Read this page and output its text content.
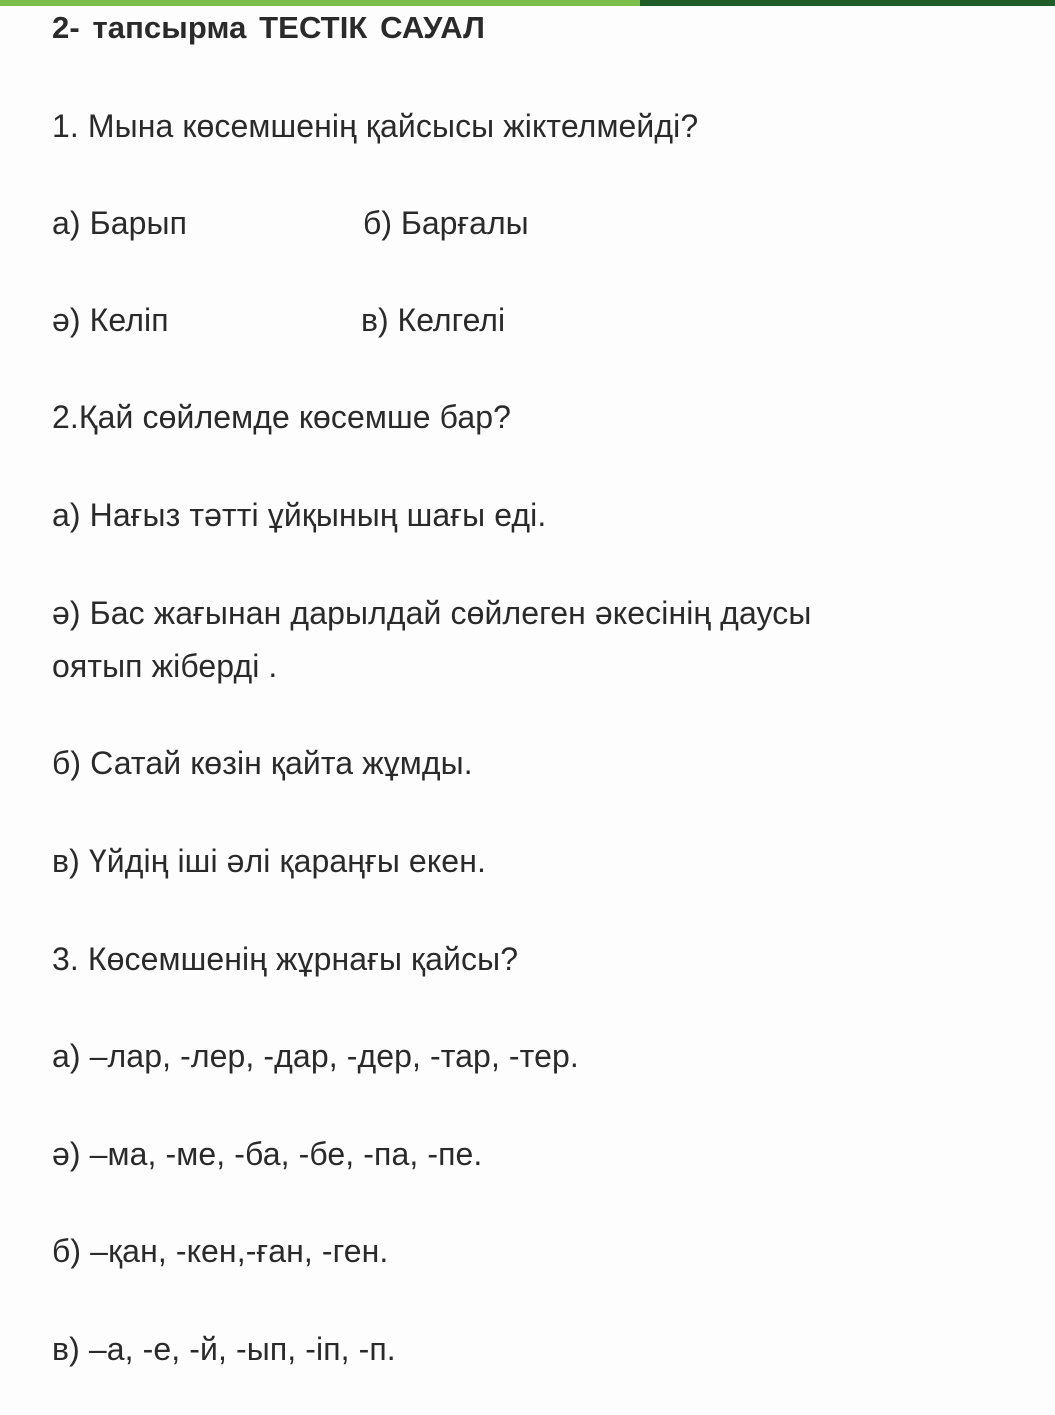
2- тапсырма ТЕСТІК САУАЛ
1. Мына көсемшенің қайсысы жіктелмейді?
а) Барып	б) Барғалы
ә) Келіп	в) Келгелі
2.Қай сөйлемде көсемше бар?
а) Нағыз тәтті ұйқының шағы еді.
ә) Бас жағынан дарылдай сөйлеген әкесінің даусы
оятып жіберді .
б) Сатай көзін қайта жұмды.
в) Үйдің іші әлі қараңғы екен.
3. Көсемшенің жұрнағы қайсы?
а) –лар, -лер, -дар, -дер, -тар, -тер.
ә) –ма, -ме, -ба, -бе, -па, -пе.
б) –қан, -кен,-ған, -ген.
в) –а, -е, -й, -ып, -іп, -п.
